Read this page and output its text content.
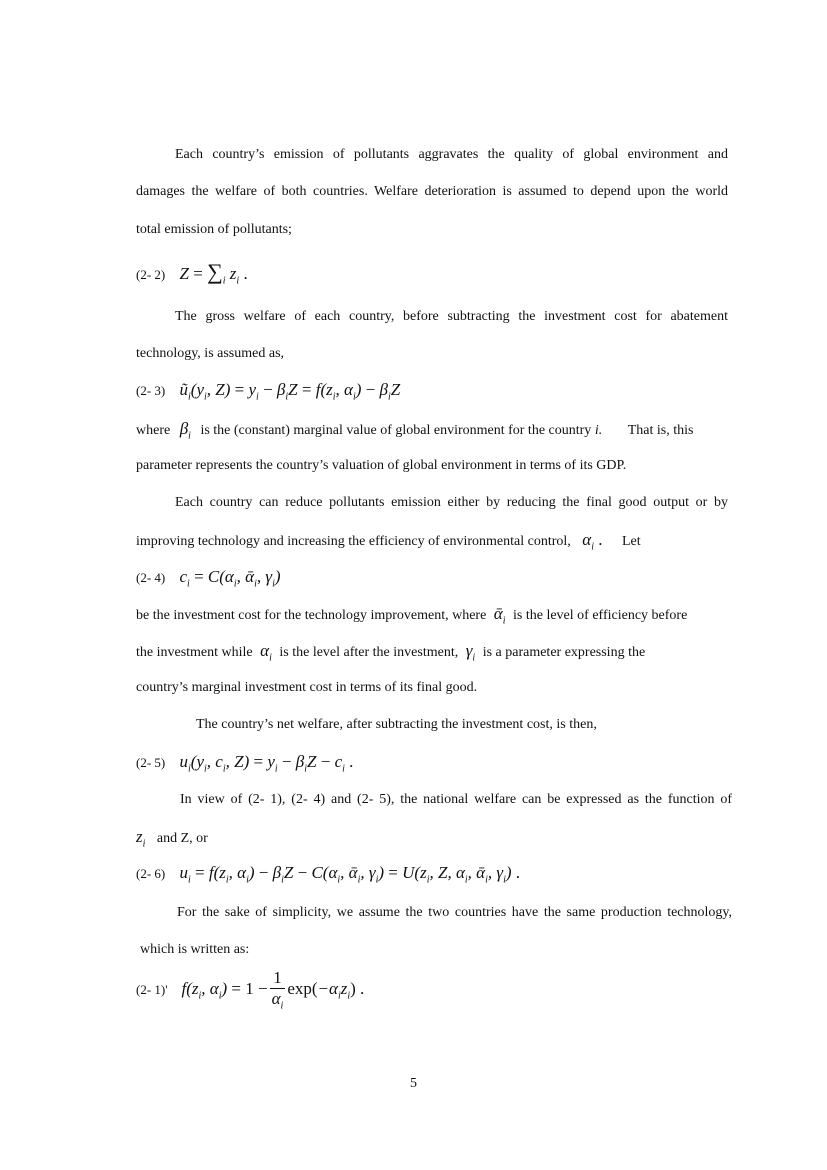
Each country’s emission of pollutants aggravates the quality of global environment and
damages the welfare of both countries. Welfare deterioration is assumed to depend upon the world
total emission of pollutants;
(2- 2) $Z = \sum_i$ $z_i$ .
The gross welfare of each country, before subtracting the investment cost for abatement
technology, is assumed as,
(2- 3) $ũ_i(y_i$, $Z) = y_i - \beta_iZ = f(z_i$, $\alpha_i) - \beta_iZ$
where $\beta_i$ is the (constant) marginal value of global environment for the country i. That is, this
parameter represents the country’s valuation of global environment in terms of its GDP.
Each country can reduce pollutants emission either by reducing the final good output or by
improving technology and increasing the efficiency of environmental control, $\alpha_i$ . Let
(2- 4) $c_i = C(\alpha_i$, ᾱ$_i$, $\gamma_i$)
be the investment cost for the technology improvement, where ᾱ$_i$ is the level of efficiency before
the investment while $\alpha_i$ is the level after the investment, $\gamma_i$ is a parameter expressing the
country’s marginal investment cost in terms of its final good.
The country’s net welfare, after subtracting the investment cost, is then,
(2- 5) $u_i(y_i$, $c_i$, $Z) = y_i - \beta_iZ - c_i$ .
In view of (2- 1), (2- 4) and (2- 5), the national welfare can be expressed as the function of
$z_i$ and Z, or
(2- 6) $u_i = f(z_i$, $\alpha_i) - \beta_iZ - C(\alpha_i$, ᾱ$_i$, $\gamma_i) = U(z_i$, Z, $\alpha_i$, ᾱ$_i$, $\gamma_i$) .
For the sake of simplicity, we assume the two countries have the same production technology,
which is written as:
(2- 1)' $f(z_i$, $\alpha_i) = 1 - \frac{1}{\alpha_i} \exp(-\alpha_iz_i)$ .
5
